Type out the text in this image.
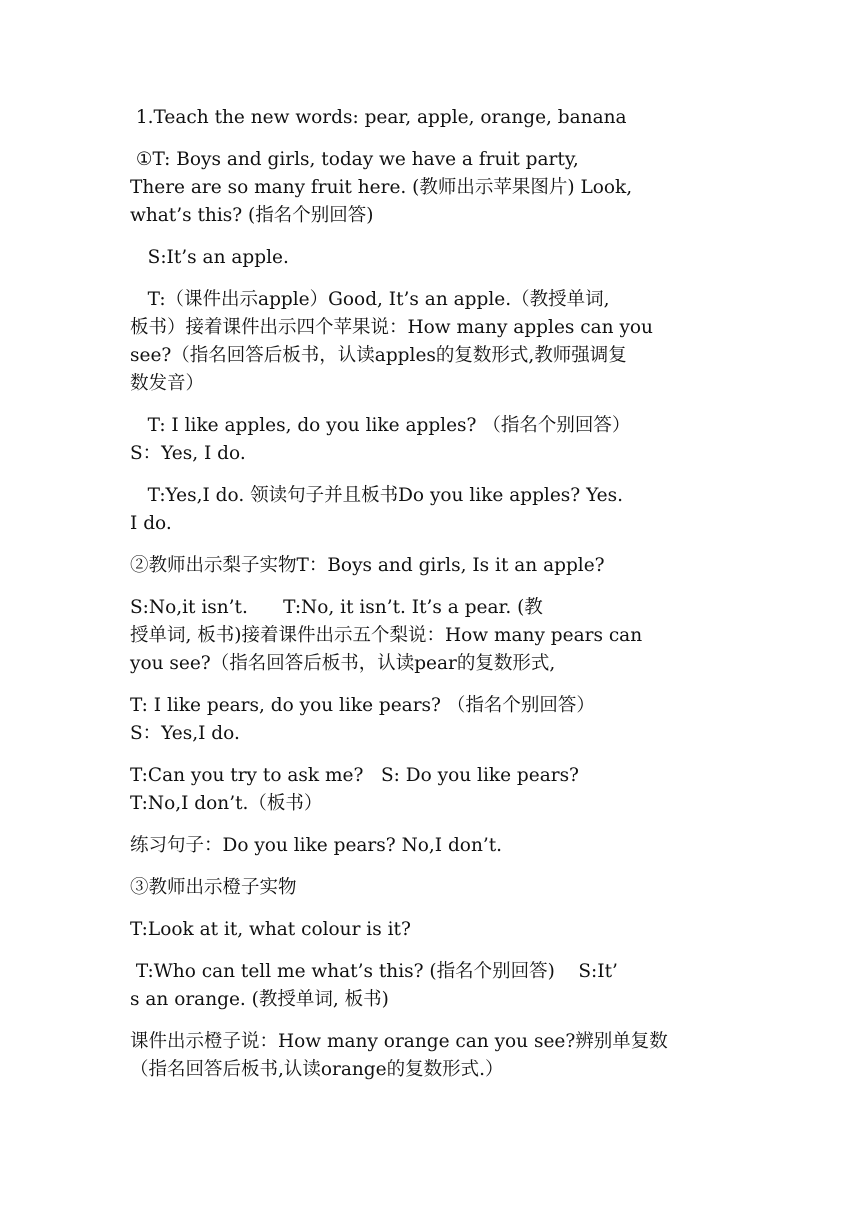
1.Teach the new words: pear, apple, orange, banana

①T: Boys and girls, today we have a fruit party,
There are so many fruit here. (教师出示苹果图片) Look,
what’s this? (指名个别回答)

S:It’s an apple.

T:（课件出示apple）Good, It’s an apple.（教授单词,
板书）接着课件出示四个苹果说：How many apples can you
see?（指名回答后板书，认读apples的复数形式,教师强调复
数发音）

T: I like apples, do you like apples? （指名个别回答）
S：Yes, I do.

T:Yes,I do. 领读句子并且板书Do you like apples? Yes.
I do.

②教师出示梨子实物T：Boys and girls, Is it an apple?

S:No,it isn’t.      T:No, it isn’t. It’s a pear. (教
授单词, 板书)接着课件出示五个梨说：How many pears can
you see?（指名回答后板书，认读pear的复数形式,

T: I like pears, do you like pears? （指名个别回答）
S：Yes,I do.

T:Can you try to ask me?   S: Do you like pears?
T:No,I don’t.（板书）

练习句子：Do you like pears? No,I don’t.

③教师出示橙子实物

T:Look at it, what colour is it?

T:Who can tell me what’s this? (指名个别回答)    S:It’
s an orange. (教授单词, 板书)

课件出示橙子说：How many orange can you see?辨别单复数
（指名回答后板书,认读orange的复数形式.）
